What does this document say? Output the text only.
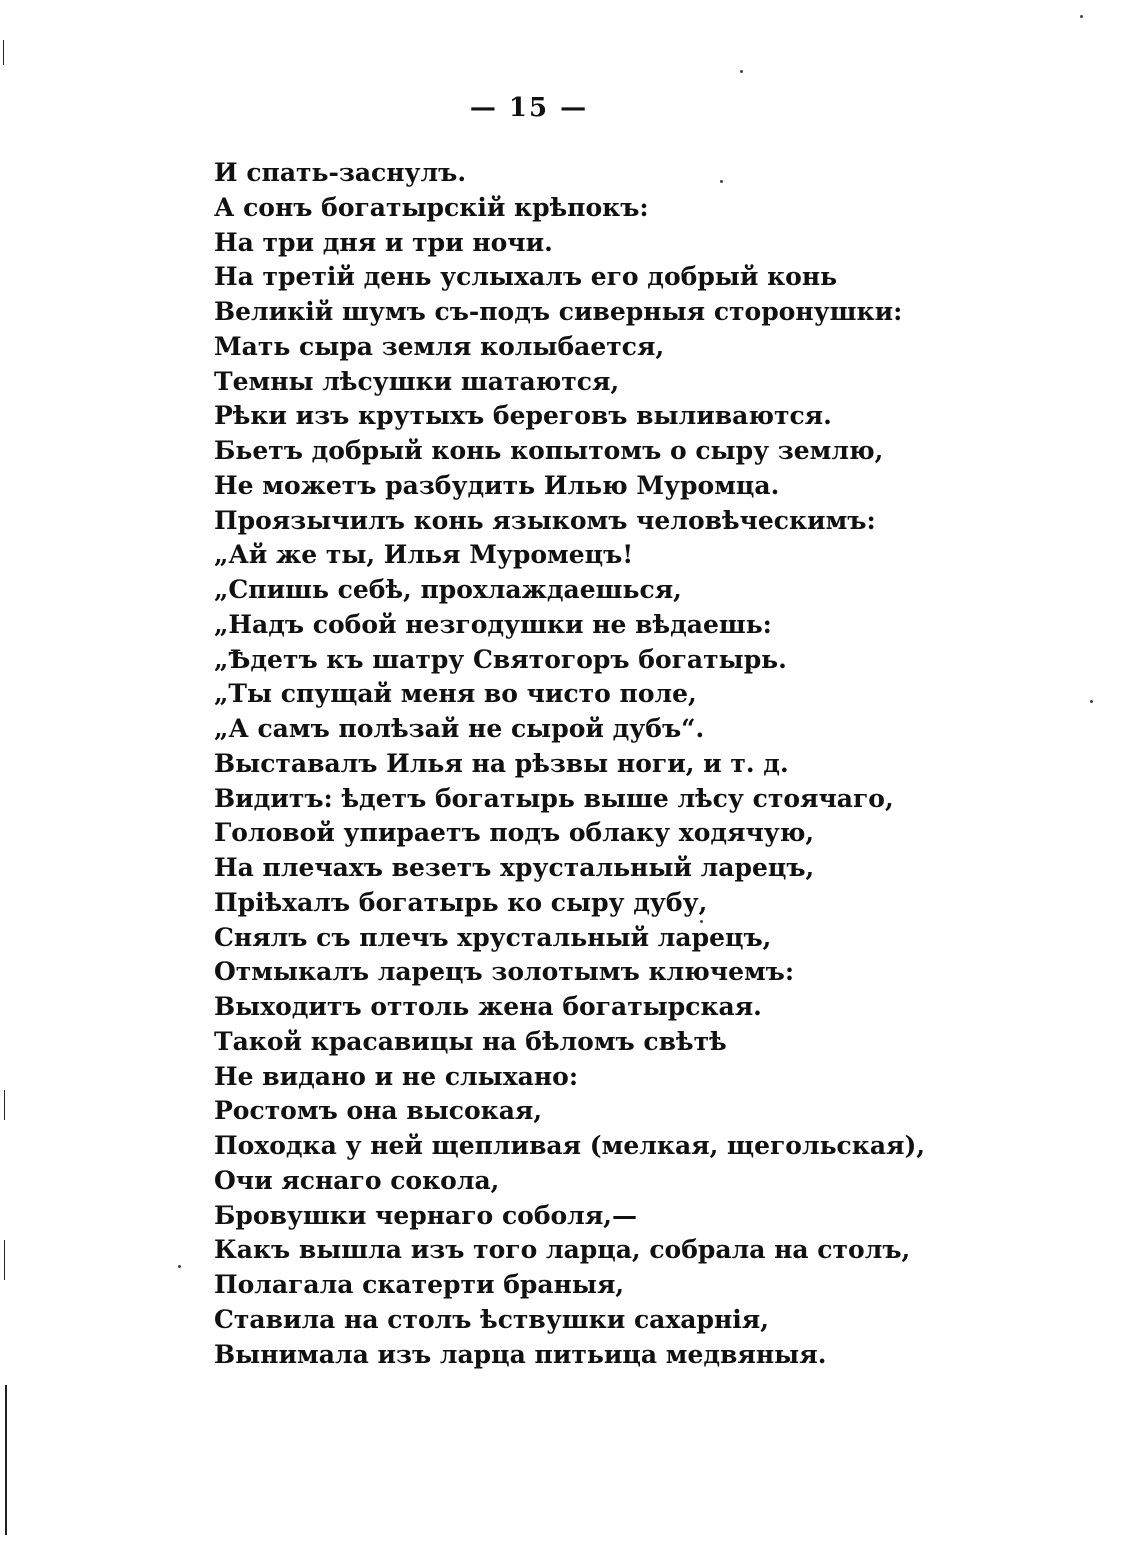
— 15 —
И спать-заснулъ.
А сонъ богатырскій крѣпокъ:
На три дня и три ночи.
На третій день услыхалъ его добрый конь
Великій шумъ съ-подъ сиверныя сторонушки:
Мать сыра земля колыбается,
Темны лѣсушки шатаются,
Рѣки изъ крутыхъ береговъ выливаются.
Бьетъ добрый конь копытомъ о сыру землю,
Не можетъ разбудить Илью Муромца.
Проязычилъ конь языкомъ человѣческимъ:
„Ай же ты, Илья Муромецъ!
„Спишь себѣ, прохлаждаешься,
„Надъ собой незгодушки не вѣдаешь:
„Ѣдетъ къ шатру Святогоръ богатырь.
„Ты спущай меня во чисто поле,
„А самъ полѣзай не сырой дубъ“.
Выставалъ Илья на рѣзвы ноги, и т. д.
Видитъ: ѣдетъ богатырь выше лѣсу стоячаго,
Головой упираетъ подъ облаку ходячую,
На плечахъ везетъ хрустальный ларецъ,
Пріѣхалъ богатырь ко сыру дубу,
Снялъ съ плечъ хрустальный ларецъ,
Отмыкалъ ларецъ золотымъ ключемъ:
Выходитъ оттоль жена богатырская.
Такой красавицы на бѣломъ свѣтѣ
Не видано и не слыхано:
Ростомъ она высокая,
Походка у ней щепливая (мелкая, щегольская),
Очи яснаго сокола,
Бровушки чернаго соболя,—
Какъ вышла изъ того ларца, собрала на столъ,
Полагала скатерти браныя,
Ставила на столъ ѣствушки сахарнія,
Вынимала изъ ларца питьица медвяныя.
